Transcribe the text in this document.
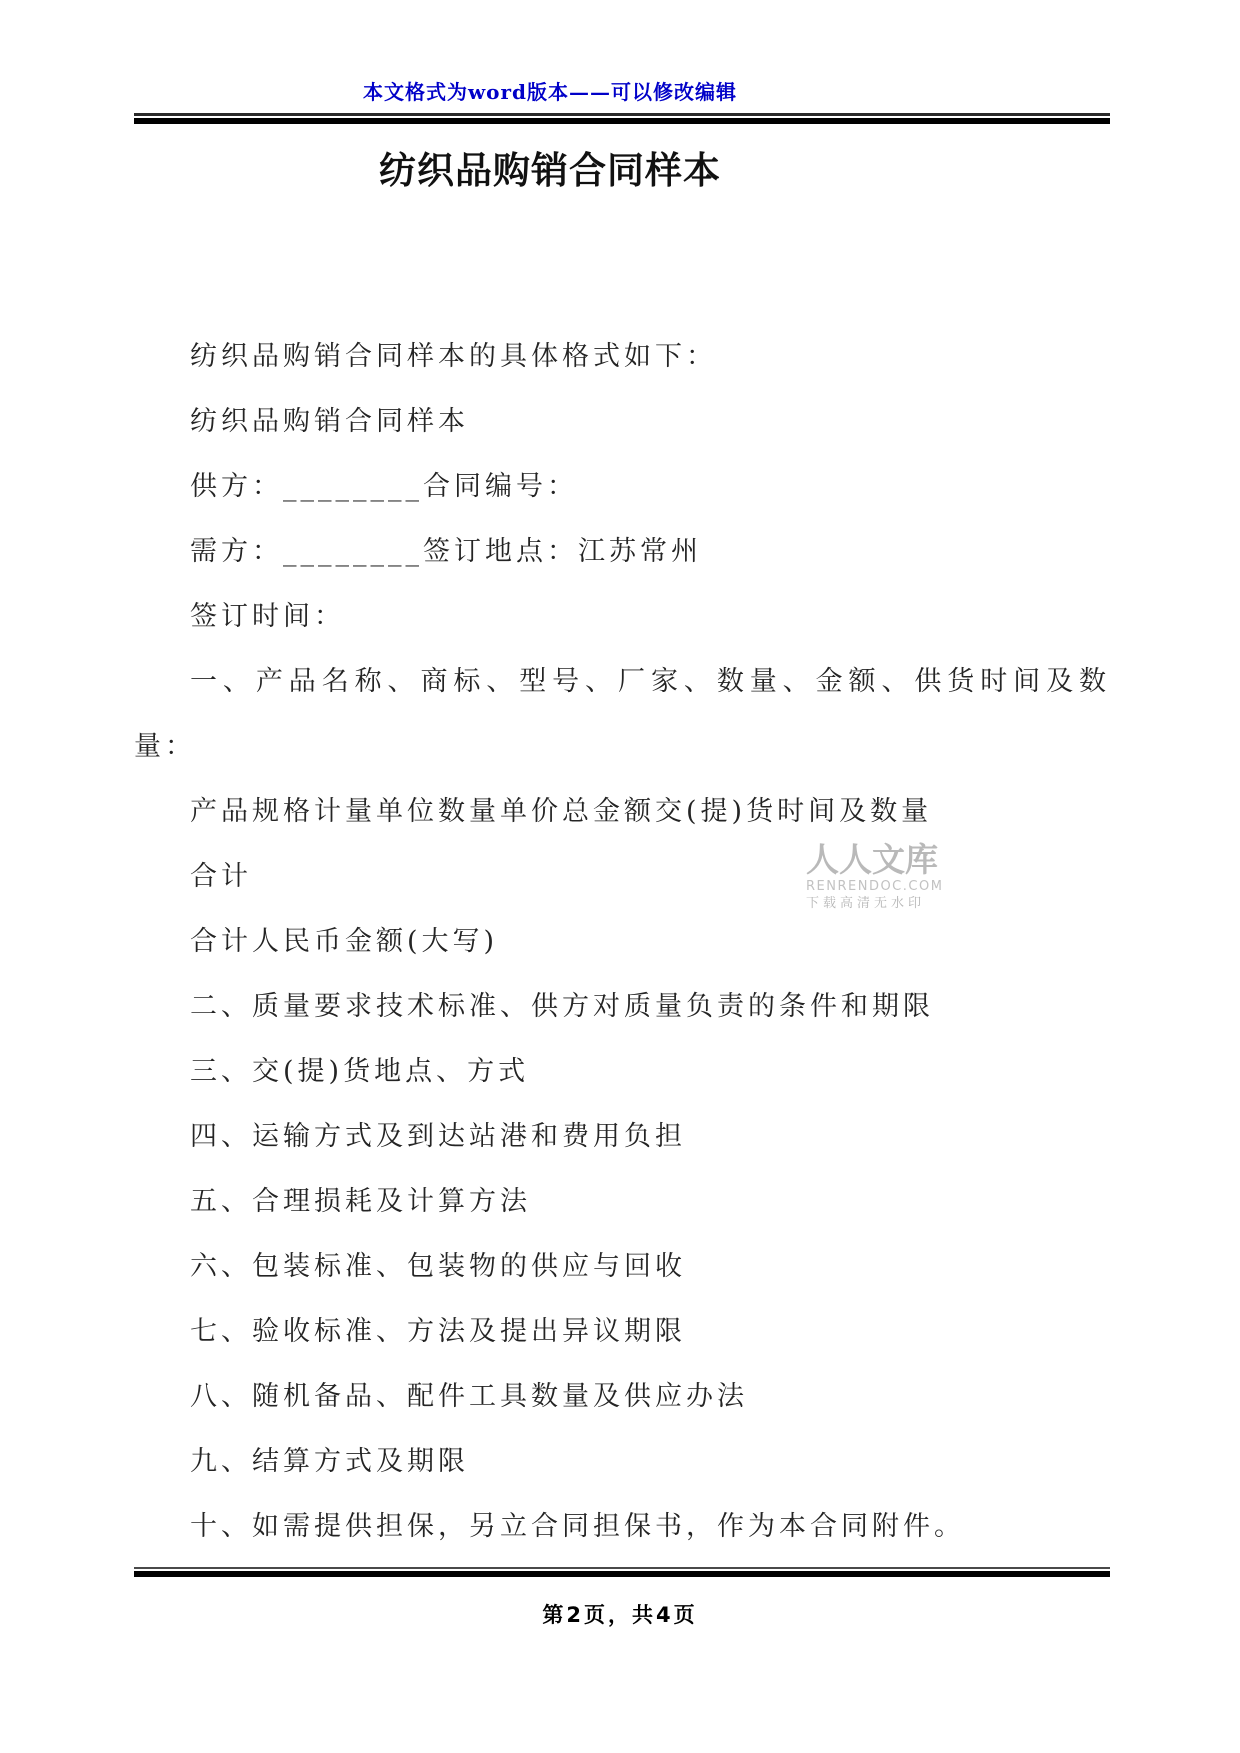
本文格式为word版本——可以修改编辑
纺织品购销合同样本
纺织品购销合同样本的具体格式如下：
纺织品购销合同样本
供方：________合同编号：
需方：________签订地点：江苏常州
签订时间：
一、产品名称、商标、型号、厂家、数量、金额、供货时间及数
量：
产品规格计量单位数量单价总金额交(提)货时间及数量
合计
合计人民币金额(大写)
二、质量要求技术标准、供方对质量负责的条件和期限
三、交(提)货地点、方式
四、运输方式及到达站港和费用负担
五、合理损耗及计算方法
六、包装标准、包装物的供应与回收
七、验收标准、方法及提出异议期限
八、随机备品、配件工具数量及供应办法
九、结算方式及期限
十、如需提供担保，另立合同担保书，作为本合同附件。
人人文库
RENRENDOC.COM
下载高清无水印
第2页，共4页
